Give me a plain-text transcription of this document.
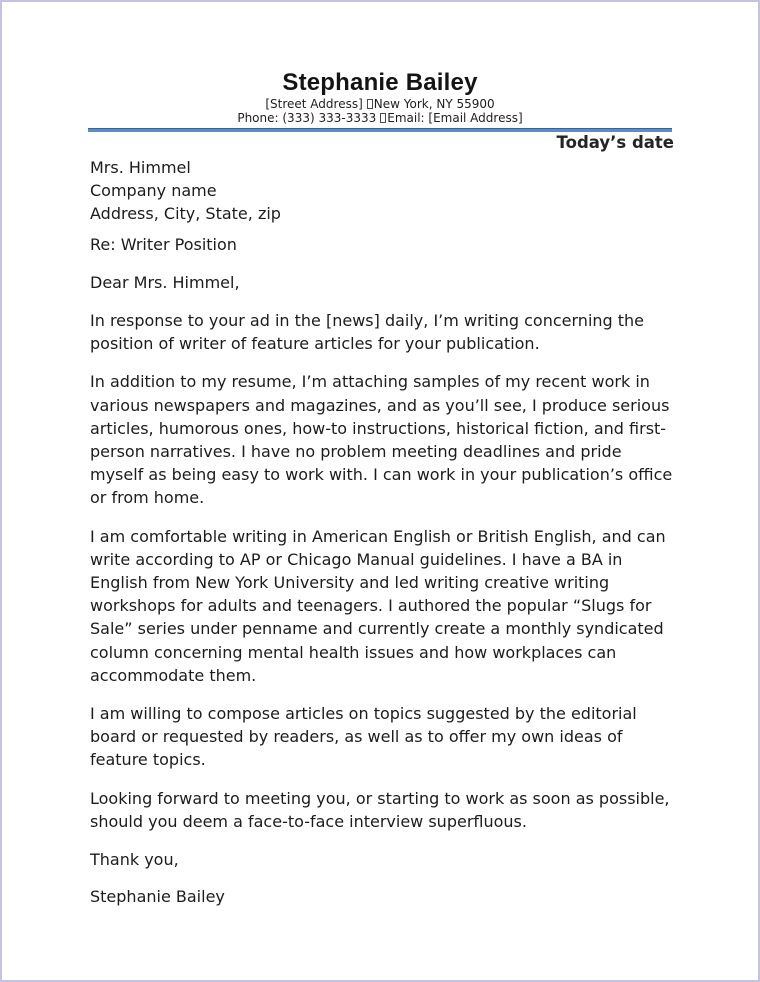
Stephanie Bailey
[Street Address] New York, NY 55900
Phone: (333) 333-3333 Email: [Email Address]
Today’s date
Mrs. Himmel
Company name
Address, City, State, zip

Re: Writer Position

Dear Mrs. Himmel,

In response to your ad in the [news] daily, I’m writing concerning the position of writer of feature articles for your publication.

In addition to my resume, I’m attaching samples of my recent work in various newspapers and magazines, and as you’ll see, I produce serious articles, humorous ones, how-to instructions, historical fiction, and first-person narratives. I have no problem meeting deadlines and pride myself as being easy to work with. I can work in your publication’s office or from home.

I am comfortable writing in American English or British English, and can write according to AP or Chicago Manual guidelines. I have a BA in English from New York University and led writing creative writing workshops for adults and teenagers. I authored the popular “Slugs for Sale” series under penname and currently create a monthly syndicated column concerning mental health issues and how workplaces can accommodate them.

I am willing to compose articles on topics suggested by the editorial board or requested by readers, as well as to offer my own ideas of feature topics.

Looking forward to meeting you, or starting to work as soon as possible, should you deem a face-to-face interview superfluous.

Thank you,

Stephanie Bailey
